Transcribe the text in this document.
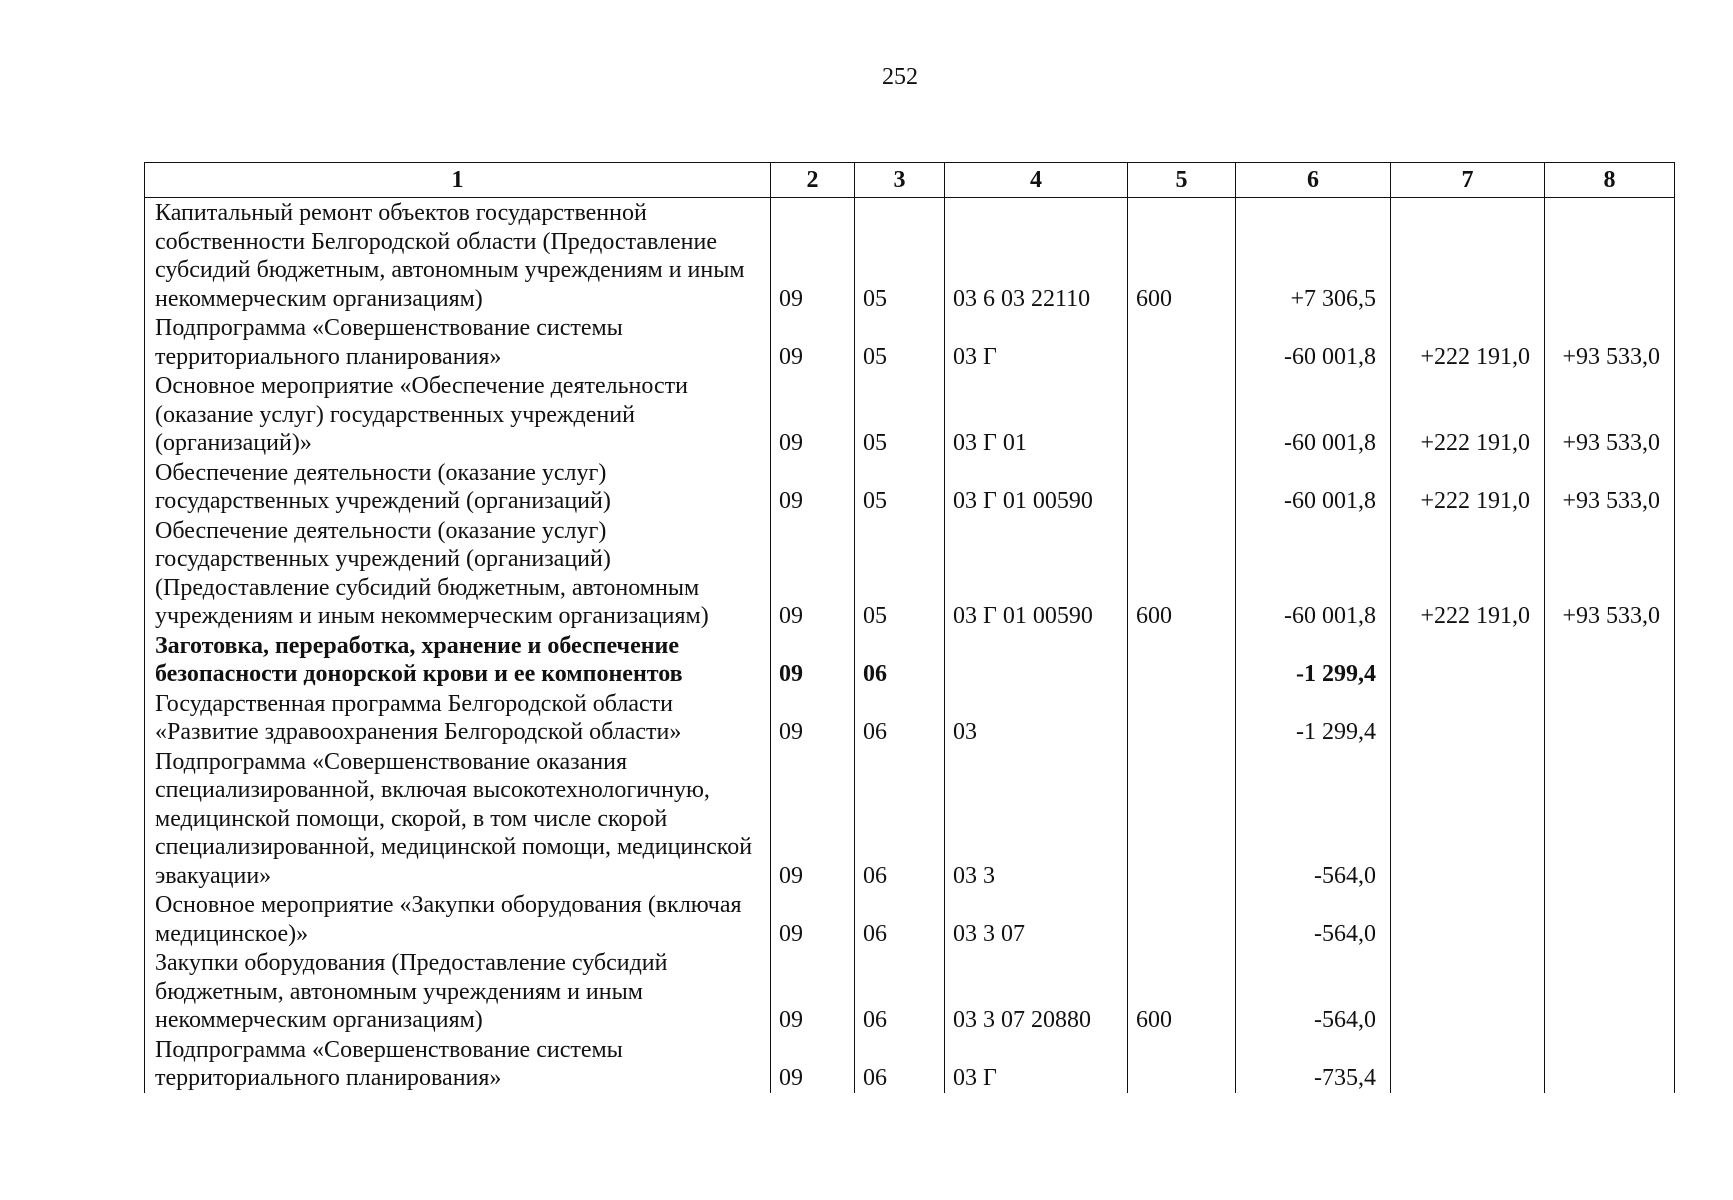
252
1	2	3	4	5	6	7	8
Капитальный ремонт объектов государственной собственности Белгородской области (Предоставление субсидий бюджетным, автономным учреждениям и иным некоммерческим организациям)	09	05	03 6 03 22110	600	+7 306,5		
Подпрограмма «Совершенствование системы территориального планирования»	09	05	03 Г		-60 001,8	+222 191,0	+93 533,0
Основное мероприятие «Обеспечение деятельности (оказание услуг) государственных учреждений (организаций)»	09	05	03 Г 01		-60 001,8	+222 191,0	+93 533,0
Обеспечение деятельности (оказание услуг) государственных учреждений (организаций)	09	05	03 Г 01 00590		-60 001,8	+222 191,0	+93 533,0
Обеспечение деятельности (оказание услуг) государственных учреждений (организаций) (Предоставление субсидий бюджетным, автономным учреждениям и иным некоммерческим организациям)	09	05	03 Г 01 00590	600	-60 001,8	+222 191,0	+93 533,0
Заготовка, переработка, хранение и обеспечение безопасности донорской крови и ее компонентов	09	06			-1 299,4		
Государственная программа Белгородской области «Развитие здравоохранения Белгородской области»	09	06	03		-1 299,4		
Подпрограмма «Совершенствование оказания специализированной, включая высокотехнологичную, медицинской помощи, скорой, в том числе скорой специализированной, медицинской помощи, медицинской эвакуации»	09	06	03 3		-564,0		
Основное мероприятие «Закупки оборудования (включая медицинское)»	09	06	03 3 07		-564,0		
Закупки оборудования (Предоставление субсидий бюджетным, автономным учреждениям и иным некоммерческим организациям)	09	06	03 3 07 20880	600	-564,0		
Подпрограмма «Совершенствование системы территориального планирования»	09	06	03 Г		-735,4		
